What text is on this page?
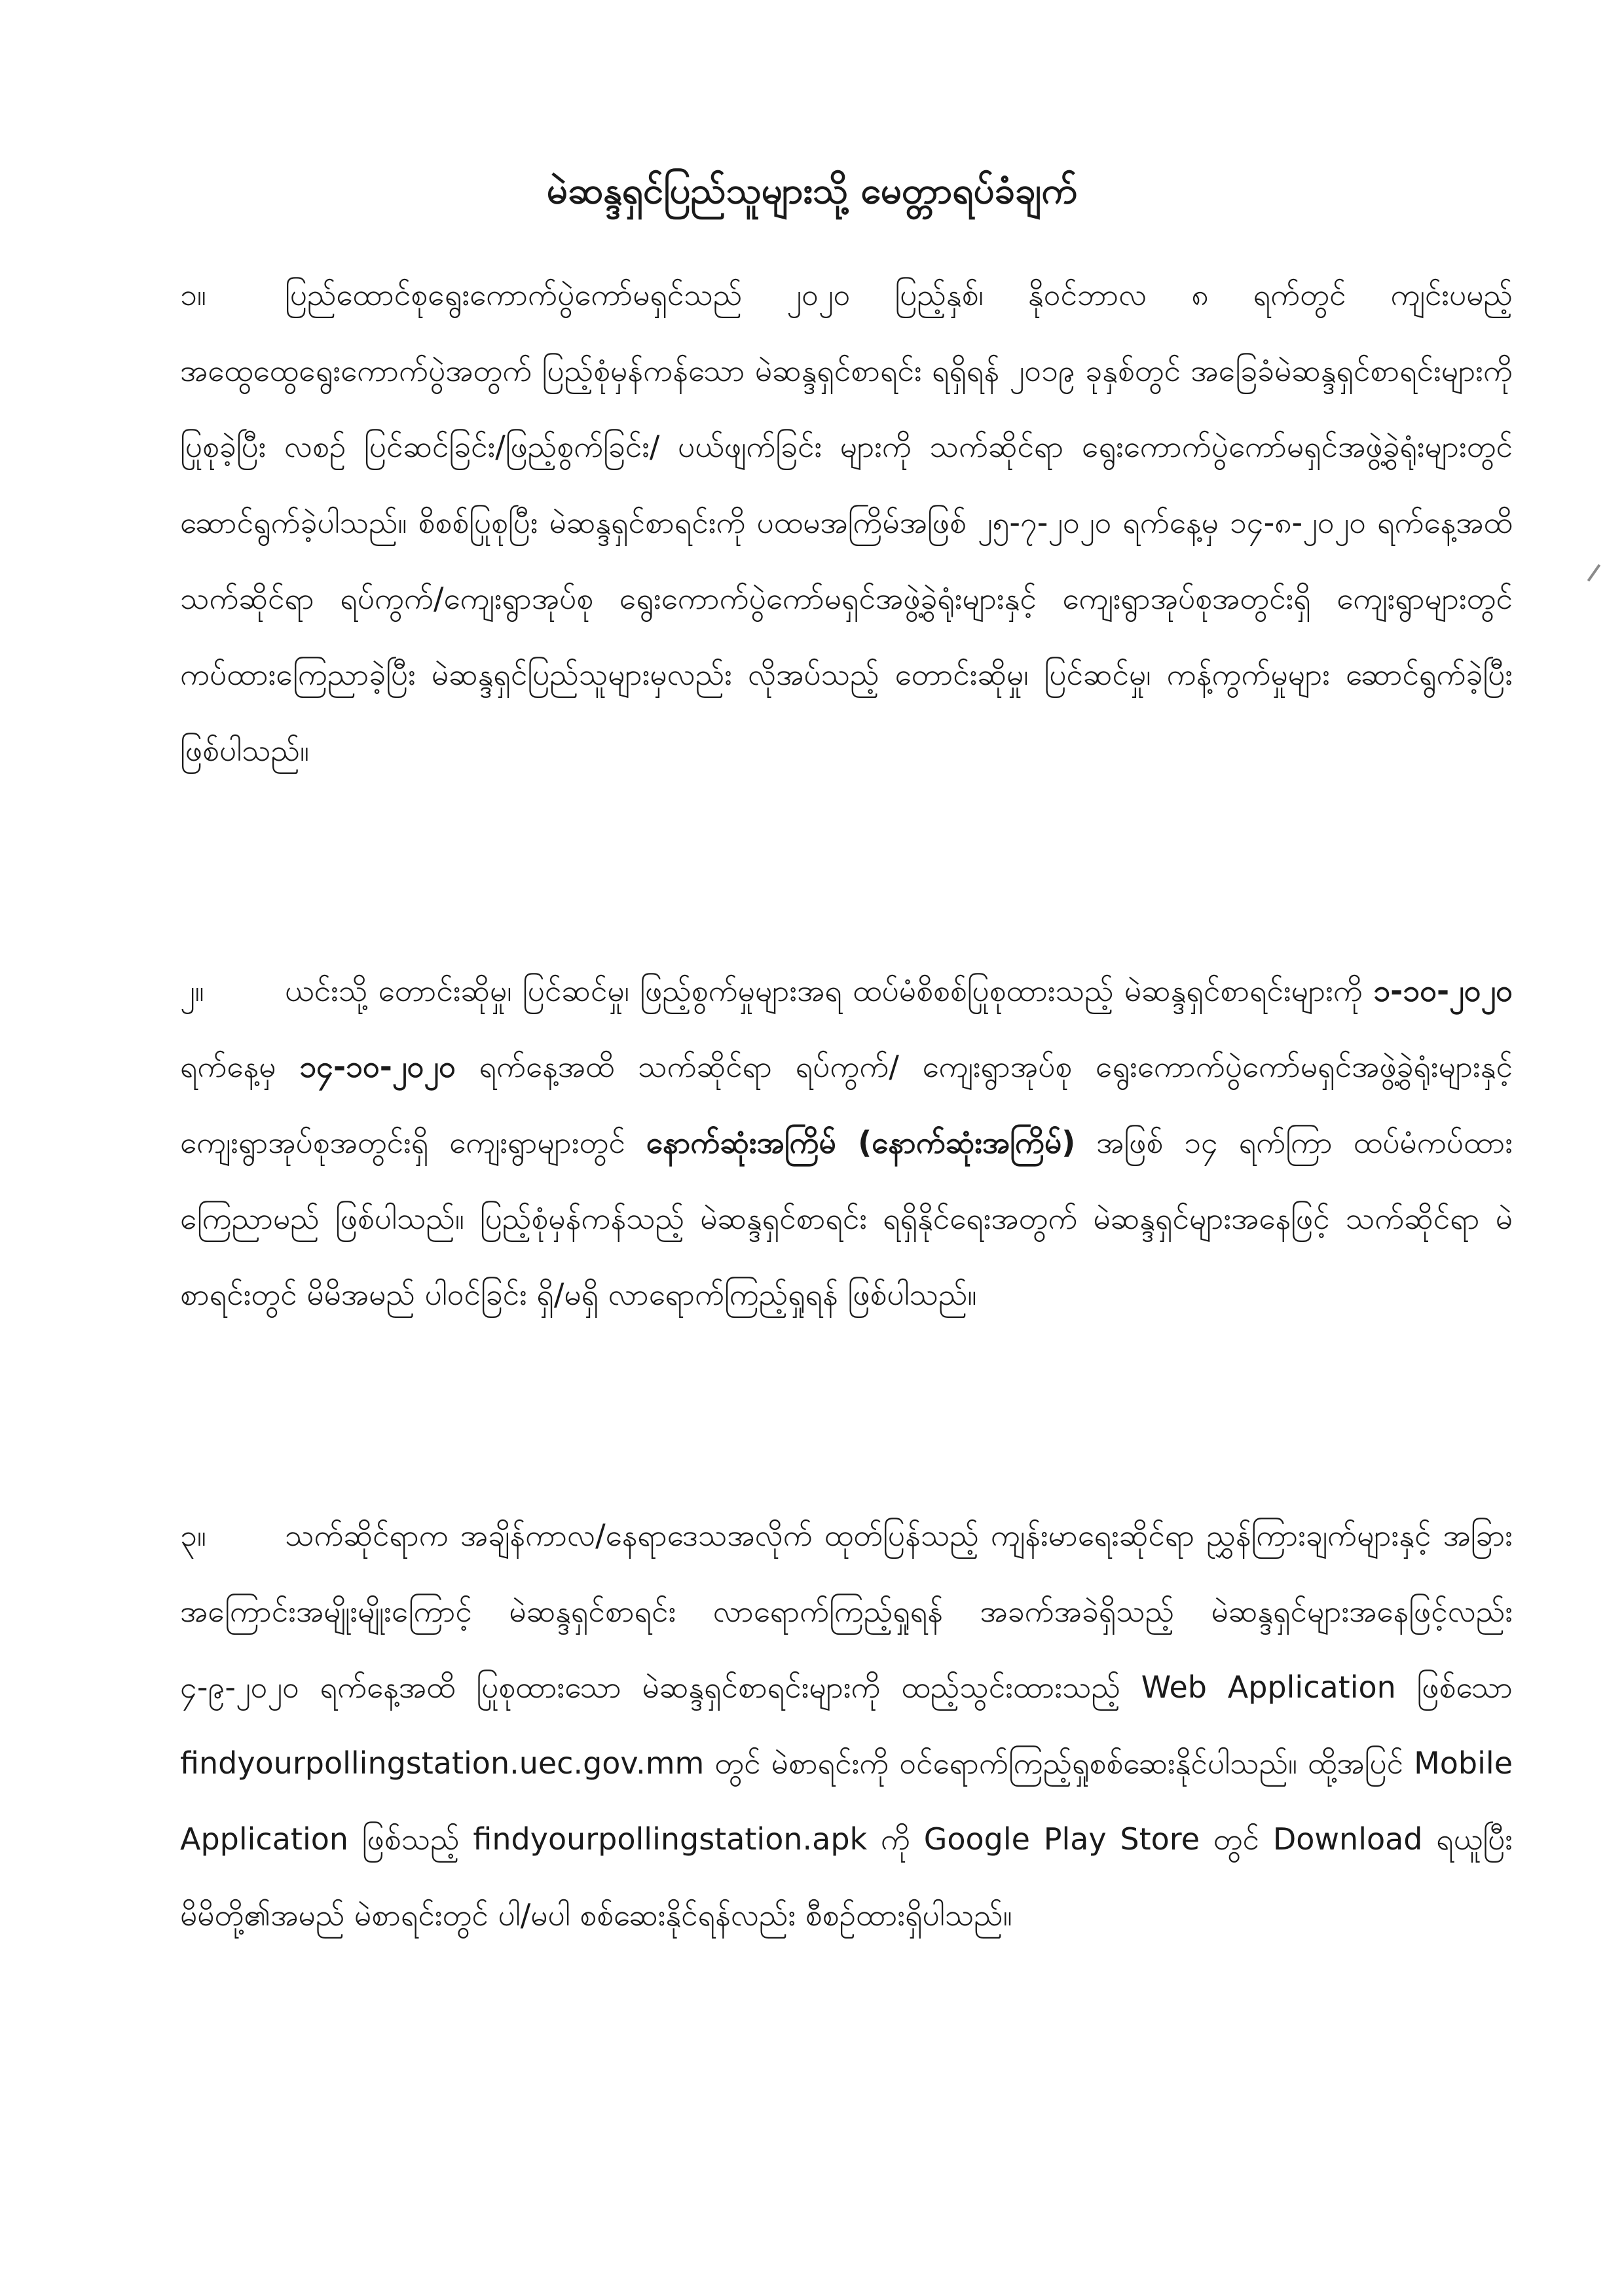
မဲဆန္ဒရှင်ပြည်သူများသို့ မေတ္တာရပ်ခံချက်

၁။	ပြည်ထောင်စုရွေးကောက်ပွဲကော်မရှင်သည် ၂၀၂၀ ပြည့်နှစ်၊ နိုဝင်ဘာလ ၈ ရက်တွင် ကျင်းပမည့် အထွေထွေရွေးကောက်ပွဲအတွက် ပြည့်စုံမှန်ကန်သော မဲဆန္ဒရှင်စာရင်း ရရှိရန် ၂၀၁၉ ခုနှစ်တွင် အခြေခံမဲဆန္ဒရှင်စာရင်းများကို ပြုစုခဲ့ပြီး လစဉ် ပြင်ဆင်ခြင်း/ဖြည့်စွက်ခြင်း/ ပယ်ဖျက်ခြင်း များကို သက်ဆိုင်ရာ ရွေးကောက်ပွဲကော်မရှင်အဖွဲ့ခွဲရုံးများတွင် ဆောင်ရွက်ခဲ့ပါသည်။ စိစစ်ပြုစုပြီး မဲဆန္ဒရှင်စာရင်းကို ပထမအကြိမ်အဖြစ် ၂၅-၇-၂၀၂၀ ရက်နေ့မှ ၁၄-၈-၂၀၂၀ ရက်နေ့အထိ သက်ဆိုင်ရာ ရပ်ကွက်/ကျေးရွာအုပ်စု ရွေးကောက်ပွဲကော်မရှင်အဖွဲ့ခွဲရုံးများနှင့် ကျေးရွာအုပ်စုအတွင်းရှိ ကျေးရွာများတွင် ကပ်ထားကြေညာခဲ့ပြီး မဲဆန္ဒရှင်ပြည်သူများမှလည်း လိုအပ်သည့် တောင်းဆိုမှု၊ ပြင်ဆင်မှု၊ ကန့်ကွက်မှုများ ဆောင်ရွက်ခဲ့ပြီး ဖြစ်ပါသည်။

၂။	ယင်းသို့ တောင်းဆိုမှု၊ ပြင်ဆင်မှု၊ ဖြည့်စွက်မှုများအရ ထပ်မံစိစစ်ပြုစုထားသည့် မဲဆန္ဒရှင်စာရင်းများကို ၁-၁၀-၂၀၂၀ ရက်နေ့မှ ၁၄-၁၀-၂၀၂၀ ရက်နေ့အထိ သက်ဆိုင်ရာ ရပ်ကွက်/ ကျေးရွာအုပ်စု ရွေးကောက်ပွဲကော်မရှင်အဖွဲ့ခွဲရုံးများနှင့် ကျေးရွာအုပ်စုအတွင်းရှိ ကျေးရွာများတွင် နောက်ဆုံးအကြိမ် (နောက်ဆုံးအကြိမ်) အဖြစ် ၁၄ ရက်ကြာ ထပ်မံကပ်ထားကြေညာမည် ဖြစ်ပါသည်။ ပြည့်စုံမှန်ကန်သည့် မဲဆန္ဒရှင်စာရင်း ရရှိနိုင်ရေးအတွက် မဲဆန္ဒရှင်များအနေဖြင့် သက်ဆိုင်ရာ မဲစာရင်းတွင် မိမိအမည် ပါဝင်ခြင်း ရှိ/မရှိ လာရောက်ကြည့်ရှုရန် ဖြစ်ပါသည်။

၃။	သက်ဆိုင်ရာက အချိန်ကာလ/နေရာဒေသအလိုက် ထုတ်ပြန်သည့် ကျန်းမာရေးဆိုင်ရာ ညွှန်ကြားချက်များနှင့် အခြားအကြောင်းအမျိုးမျိုးကြောင့် မဲဆန္ဒရှင်စာရင်း လာရောက်ကြည့်ရှုရန် အခက်အခဲရှိသည့် မဲဆန္ဒရှင်များအနေဖြင့်လည်း ၄-၉-၂၀၂၀ ရက်နေ့အထိ ပြုစုထားသော မဲဆန္ဒရှင်စာရင်းများကို ထည့်သွင်းထားသည့် Web Application ဖြစ်သော findyourpollingstation.uec.gov.mm တွင် မဲစာရင်းကို ဝင်ရောက်ကြည့်ရှုစစ်ဆေးနိုင်ပါသည်။ ထို့အပြင် Mobile Application ဖြစ်သည့် findyourpollingstation.apk ကို Google Play Store တွင် Download ရယူပြီး မိမိတို့၏အမည် မဲစာရင်းတွင် ပါ/မပါ စစ်ဆေးနိုင်ရန်လည်း စီစဉ်ထားရှိပါသည်။
